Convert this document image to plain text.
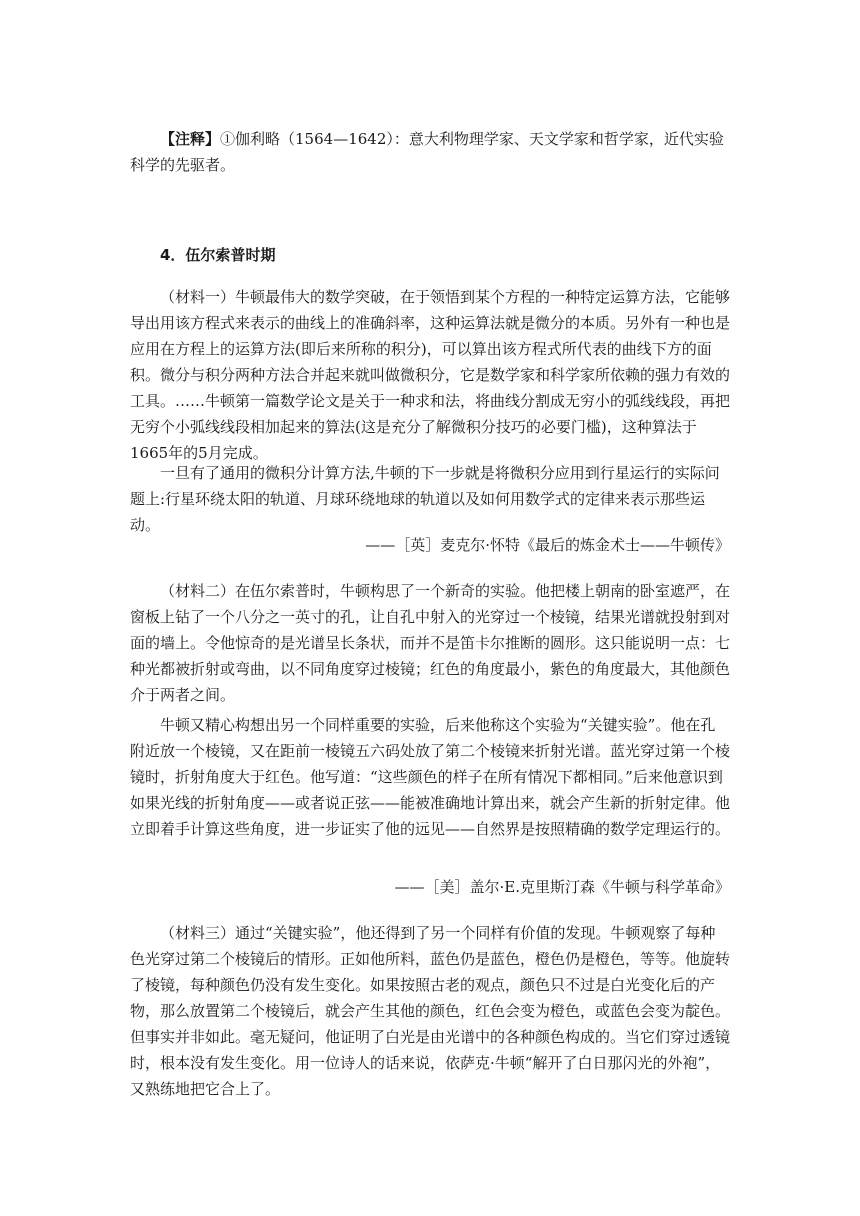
【注释】①伽利略（1564—1642）：意大利物理学家、天文学家和哲学家，近代实验科学的先驱者。

4．伍尔索普时期

（材料一）牛顿最伟大的数学突破，在于领悟到某个方程的一种特定运算方法，它能够导出用该方程式来表示的曲线上的准确斜率，这种运算法就是微分的本质。另外有一种也是应用在方程上的运算方法(即后来所称的积分)，可以算出该方程式所代表的曲线下方的面积。微分与积分两种方法合并起来就叫做微积分，它是数学家和科学家所依赖的强力有效的工具。……牛顿第一篇数学论文是关于一种求和法，将曲线分割成无穷小的弧线线段，再把无穷个小弧线线段相加起来的算法(这是充分了解微积分技巧的必要门槛)，这种算法于1665年的5月完成。

一旦有了通用的微积分计算方法,牛顿的下一步就是将微积分应用到行星运行的实际问题上:行星环绕太阳的轨道、月球环绕地球的轨道以及如何用数学式的定律来表示那些运动。

——［英］麦克尔·怀特《最后的炼金术士——牛顿传》

（材料二）在伍尔索普时，牛顿构思了一个新奇的实验。他把楼上朝南的卧室遮严，在窗板上钻了一个八分之一英寸的孔，让自孔中射入的光穿过一个棱镜，结果光谱就投射到对面的墙上。令他惊奇的是光谱呈长条状，而并不是笛卡尔推断的圆形。这只能说明一点：七种光都被折射或弯曲，以不同角度穿过棱镜；红色的角度最小，紫色的角度最大，其他颜色介于两者之间。

牛顿又精心构想出另一个同样重要的实验，后来他称这个实验为“关键实验”。他在孔附近放一个棱镜，又在距前一棱镜五六码处放了第二个棱镜来折射光谱。蓝光穿过第一个棱镜时，折射角度大于红色。他写道：“这些颜色的样子在所有情况下都相同。”后来他意识到如果光线的折射角度——或者说正弦——能被准确地计算出来，就会产生新的折射定律。他立即着手计算这些角度，进一步证实了他的远见——自然界是按照精确的数学定理运行的。

——［美］盖尔·E.克里斯汀森《牛顿与科学革命》

（材料三）通过“关键实验”，他还得到了另一个同样有价值的发现。牛顿观察了每种色光穿过第二个棱镜后的情形。正如他所料，蓝色仍是蓝色，橙色仍是橙色，等等。他旋转了棱镜，每种颜色仍没有发生变化。如果按照古老的观点，颜色只不过是白光变化后的产物，那么放置第二个棱镜后，就会产生其他的颜色，红色会变为橙色，或蓝色会变为靛色。但事实并非如此。毫无疑问，他证明了白光是由光谱中的各种颜色构成的。当它们穿过透镜时，根本没有发生变化。用一位诗人的话来说，依萨克·牛顿“解开了白日那闪光的外袍”，又熟练地把它合上了。
